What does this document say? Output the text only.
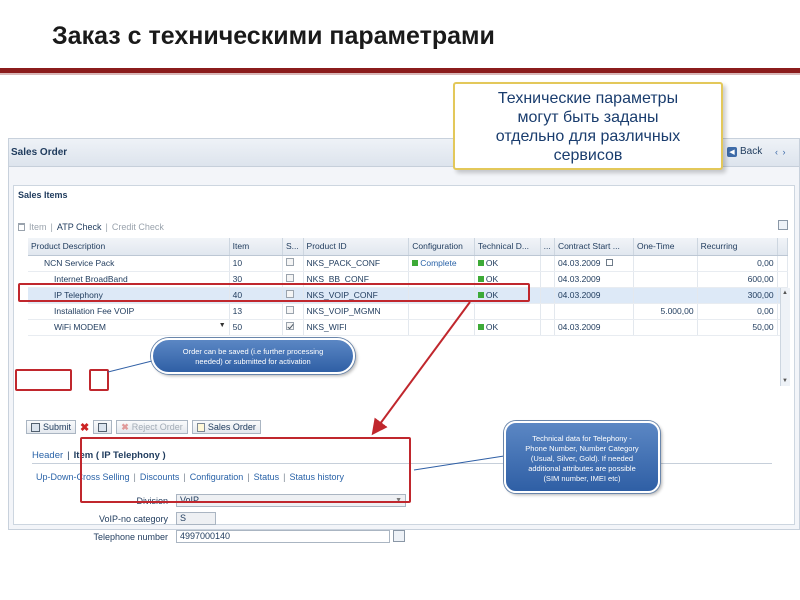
Заказ с техническими параметрами
Sales Order	◀ Back ‹ ›
Sales Items
Item | ATP Check | Credit Check
Product Description	Item	S...	Product ID	Configuration	Technical D...	...	Contract Start ...	One-Time	Recurring	
NCN Service Pack	10		NKS_PACK_CONF	Complete	OK		04.03.2009		0,00	
Internet BroadBand	30		NKS_BB_CONF		OK		04.03.2009		600,00	
IP Telephony	40		NKS_VOIP_CONF		OK		04.03.2009		300,00	
Installation Fee VOIP	13		NKS_VOIP_MGMN					5.000,00	0,00	
WiFi MODEM ▼	50		NKS_WIFI		OK		04.03.2009		50,00	
▲
▼
Submit ✖	✖ Reject Order	Sales Order
Header | Item ( IP Telephony )
Up-Down-Cross Selling | Discounts | Configuration | Status | Status history
Division	VoIP	▼
VoIP-no category	S
Telephone number	4997000140
Технические параметры
могут быть заданы
отдельно для различных
сервисов
Order can be saved (i.e further processing
needed) or submitted for activation
Technical data for Telephony -
Phone Number, Number Category
(Usual, Silver, Gold). If needed
additional attributes are possible
(SIM number, IMEI etc)
